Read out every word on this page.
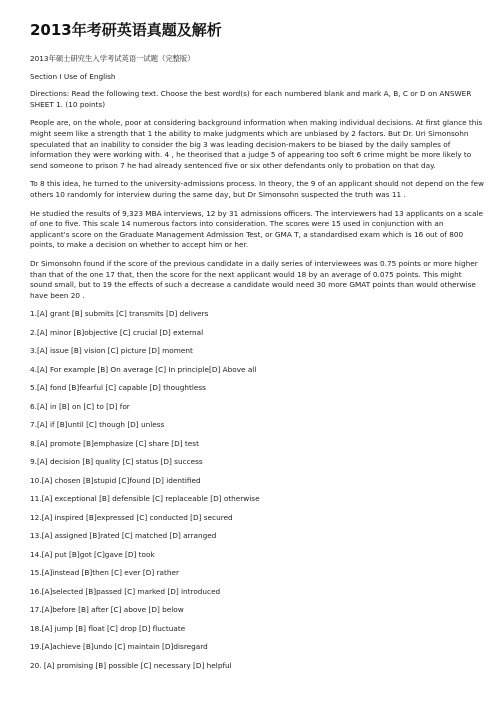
2013年考研英语真题及解析

2013年硕士研究生入学考试英语一试题（完整版）

Section I Use of English

Directions: Read the following text. Choose the best word(s) for each numbered blank and mark A, B, C or D on ANSWER SHEET 1. (10 points)

People are, on the whole, poor at considering background information when making individual decisions. At first glance this might seem like a strength that 1 the ability to make judgments which are unbiased by 2 factors. But Dr. Uri Simonsohn speculated that an inability to consider the big 3 was leading decision-makers to be biased by the daily samples of information they were working with. 4 , he theorised that a judge 5 of appearing too soft 6 crime might be more likely to send someone to prison 7 he had already sentenced five or six other defendants only to probation on that day.

To 8 this idea, he turned to the university-admissions process. In theory, the 9 of an applicant should not depend on the few others 10 randomly for interview during the same day, but Dr Simonsohn suspected the truth was 11 .

He studied the results of 9,323 MBA interviews, 12 by 31 admissions officers. The interviewers had 13 applicants on a scale of one to five. This scale 14 numerous factors into consideration. The scores were 15 used in conjunction with an applicant's score on the Graduate Management Admission Test, or GMA T, a standardised exam which is 16 out of 800 points, to make a decision on whether to accept him or her.

Dr Simonsohn found if the score of the previous candidate in a daily series of interviewees was 0.75 points or more higher than that of the one 17 that, then the score for the next applicant would 18 by an average of 0.075 points. This might sound small, but to 19 the effects of such a decrease a candidate would need 30 more GMAT points than would otherwise have been 20 .

1.[A] grant [B] submits [C] transmits [D] delivers

2.[A] minor [B]objective [C] crucial [D] external

3.[A] issue [B] vision [C] picture [D] moment

4.[A] For example [B] On average [C] In principle[D] Above all

5.[A] fond [B]fearful [C] capable [D] thoughtless

6.[A] in [B] on [C] to [D] for

7.[A] if [B]until [C] though [D] unless

8.[A] promote [B]emphasize [C] share [D] test

9.[A] decision [B] quality [C] status [D] success

10.[A] chosen [B]stupid [C]found [D] identified

11.[A] exceptional [B] defensible [C] replaceable [D] otherwise

12.[A] inspired [B]expressed [C] conducted [D] secured

13.[A] assigned [B]rated [C] matched [D] arranged

14.[A] put [B]got [C]gave [D] took

15.[A]instead [B]then [C] ever [D] rather

16.[A]selected [B]passed [C] marked [D] introduced

17.[A]before [B] after [C] above [D] below

18.[A] jump [B] float [C] drop [D] fluctuate

19.[A]achieve [B]undo [C] maintain [D]disregard

20. [A] promising [B] possible [C] necessary [D] helpful
